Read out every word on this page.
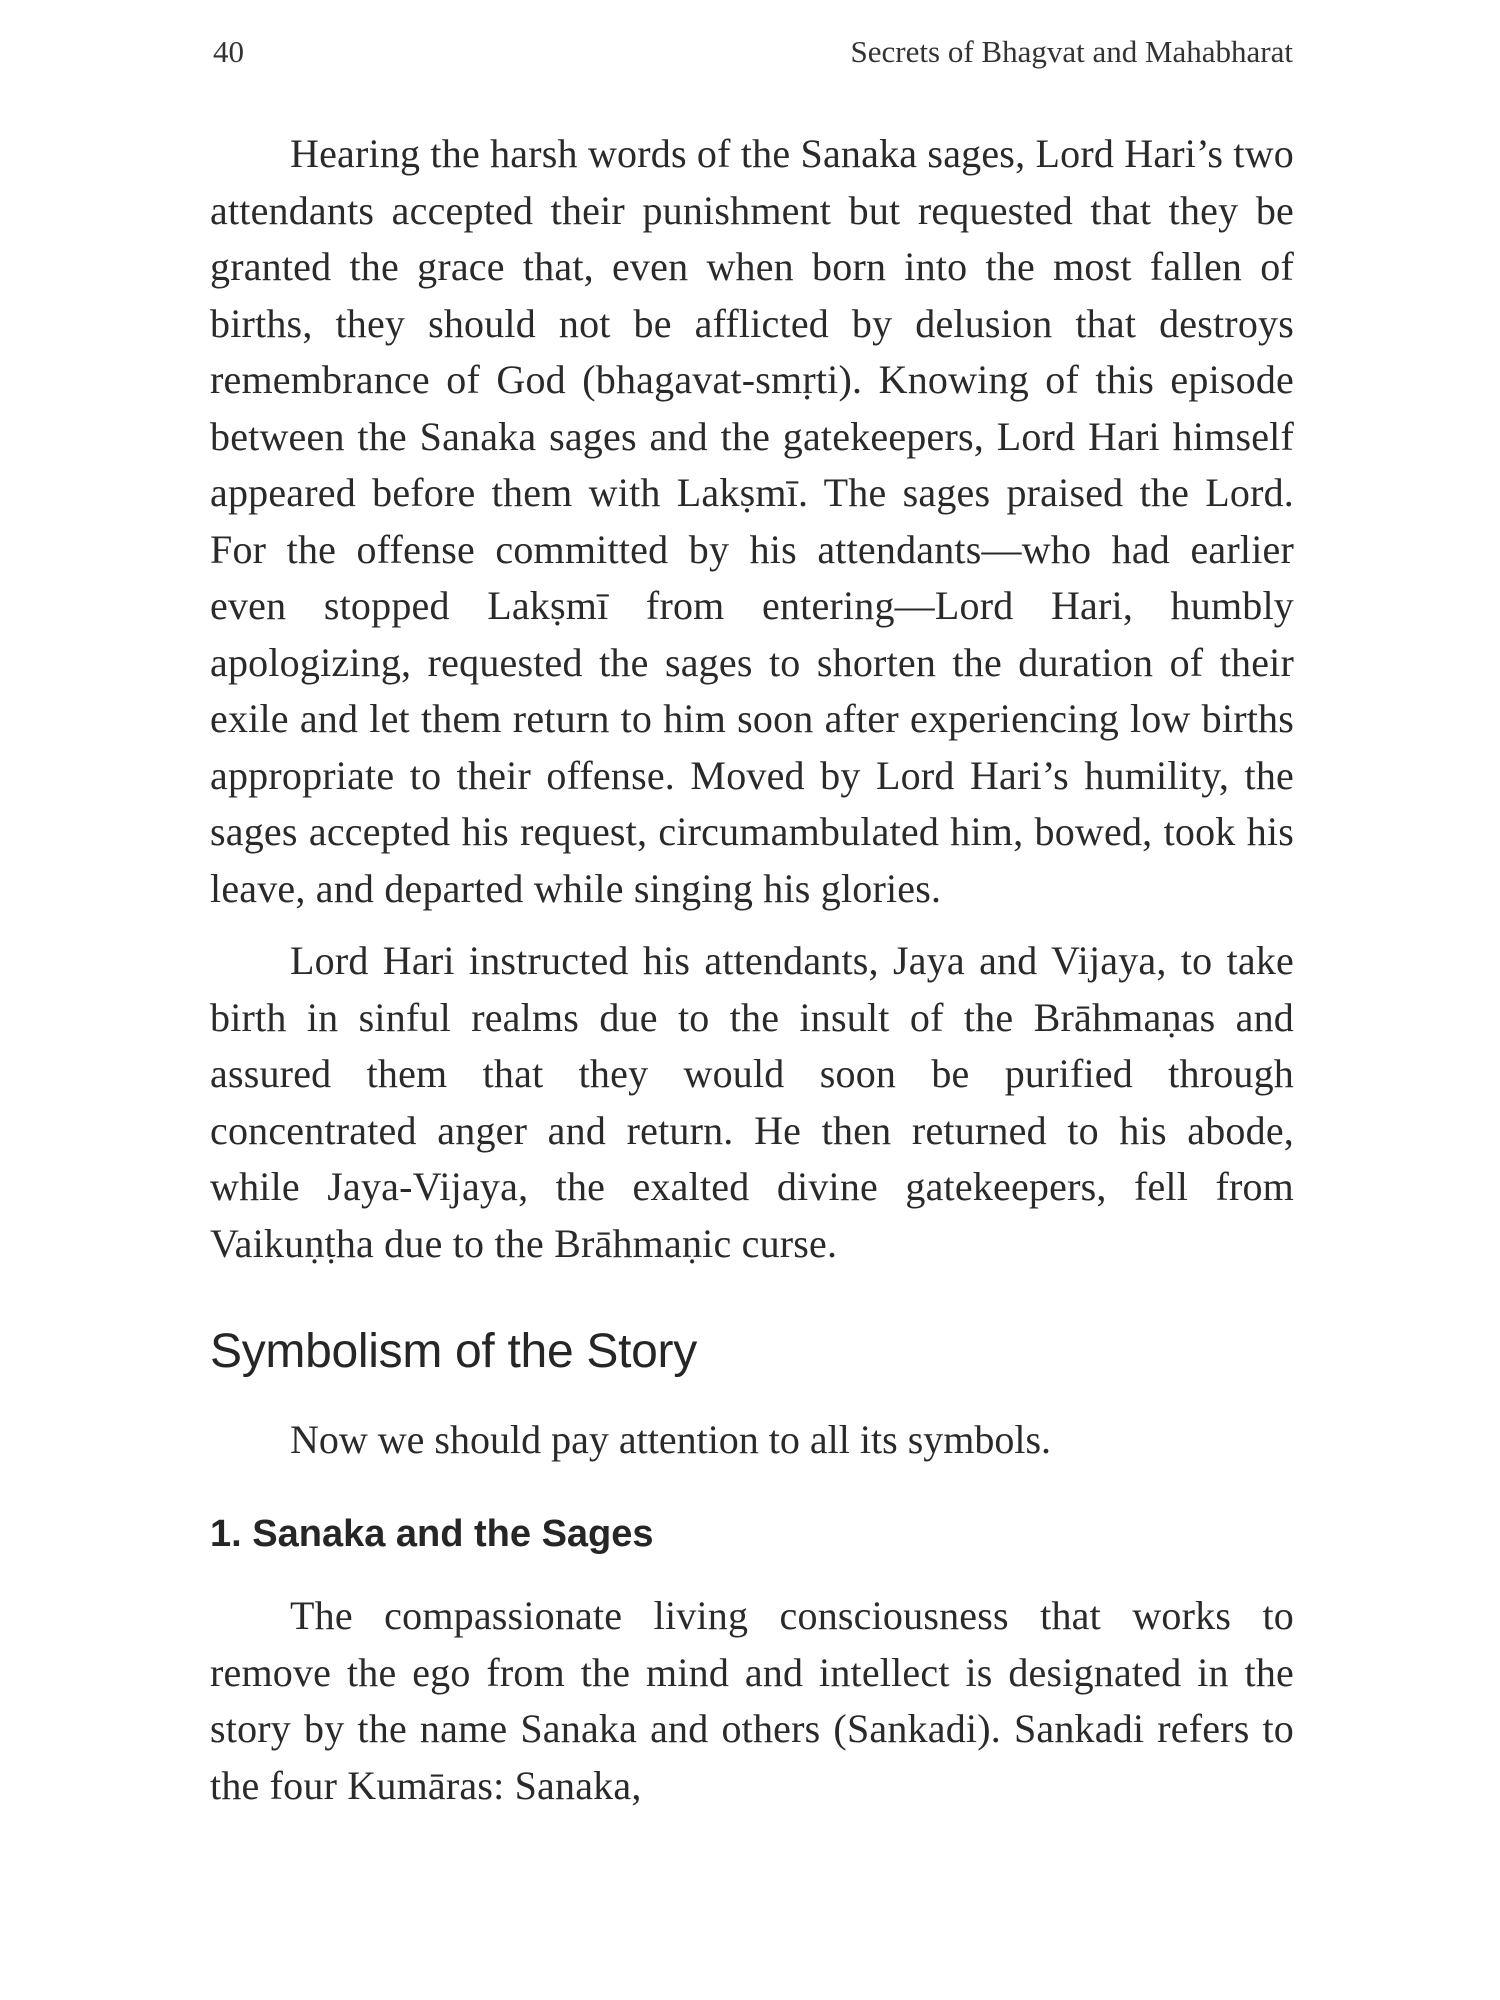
40	Secrets of Bhagvat and Mahabharat

Hearing the harsh words of the Sanaka sages, Lord Hari’s two attendants accepted their punishment but requested that they be granted the grace that, even when born into the most fallen of births, they should not be afflicted by delusion that destroys remembrance of God (bhagavat-smṛti). Knowing of this episode between the Sanaka sages and the gatekeepers, Lord Hari himself appeared before them with Lakṣmī. The sages praised the Lord. For the offense committed by his attendants—who had earlier even stopped Lakṣmī from entering—Lord Hari, humbly apologizing, requested the sages to shorten the duration of their exile and let them return to him soon after experiencing low births appropriate to their offense. Moved by Lord Hari’s humility, the sages accepted his request, circumambulated him, bowed, took his leave, and departed while singing his glories.

Lord Hari instructed his attendants, Jaya and Vijaya, to take birth in sinful realms due to the insult of the Brāhmaṇas and assured them that they would soon be purified through concentrated anger and return. He then returned to his abode, while Jaya-Vijaya, the exalted divine gatekeepers, fell from Vaikuṇṭha due to the Brāhmaṇic curse.

Symbolism of the Story

Now we should pay attention to all its symbols.

1. Sanaka and the Sages

The compassionate living consciousness that works to remove the ego from the mind and intellect is designated in the story by the name Sanaka and others (Sankadi). Sankadi refers to the four Kumāras: Sanaka,
